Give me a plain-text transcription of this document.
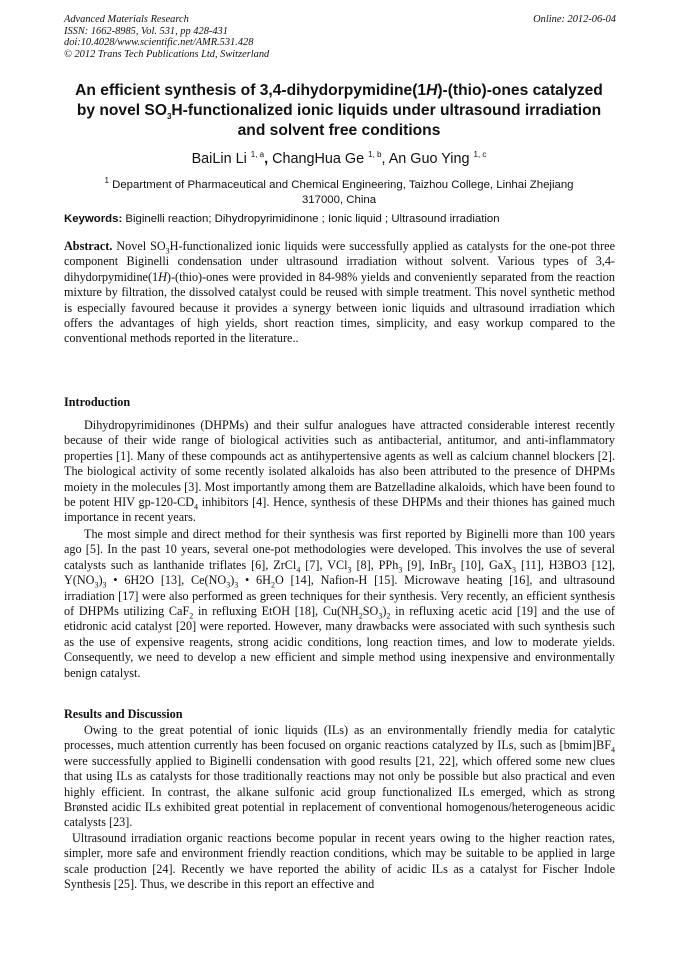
Advanced Materials Research
ISSN: 1662-8985, Vol. 531, pp 428-431
doi:10.4028/www.scientific.net/AMR.531.428
© 2012 Trans Tech Publications Ltd, Switzerland
Online: 2012-06-04
An efficient synthesis of 3,4-dihydorpymidine(1H)-(thio)-ones catalyzed
by novel $SO_3H$-functionalized ionic liquids under ultrasound irradiation
and solvent free conditions
BaiLin Li $^{1, a}$, ChangHua Ge $^{1, b}$, An Guo Ying $^{1, c}$
$^1$ Department of Pharmaceutical and Chemical Engineering, Taizhou College, Linhai Zhejiang
317000, China
Keywords: Biginelli reaction; Dihydropyrimidinone ; Ionic liquid ; Ultrasound irradiation
Abstract. Novel $SO_3H$-functionalized ionic liquids were successfully applied as catalysts for the one-pot three component Biginelli condensation under ultrasound irradiation without solvent. Various types of 3,4-dihydorpymidine(1H)-(thio)-ones were provided in 84-98% yields and conveniently separated from the reaction mixture by filtration, the dissolved catalyst could be reused with simple treatment. This novel synthetic method is especially favoured because it provides a synergy between ionic liquids and ultrasound irradiation which offers the advantages of high yields, short reaction times, simplicity, and easy workup compared to the conventional methods reported in the literature..
Introduction
Dihydropyrimidinones (DHPMs) and their sulfur analogues have attracted considerable interest recently because of their wide range of biological activities such as antibacterial, antitumor, and anti-inflammatory properties [1]. Many of these compounds act as antihypertensive agents as well as calcium channel blockers [2]. The biological activity of some recently isolated alkaloids has also been attributed to the presence of DHPMs moiety in the molecules [3]. Most importantly among them are Batzelladine alkaloids, which have been found to be potent HIV $gp-120-CD_4$ inhibitors [4]. Hence, synthesis of these DHPMs and their thiones has gained much importance in recent years.
The most simple and direct method for their synthesis was first reported by Biginelli more than 100 years ago [5]. In the past 10 years, several one-pot methodologies were developed. This involves the use of several catalysts such as lanthanide triflates [6], ZrCl$_4$ [7], VCl$_3$ [8], PPh$_3$ [9], InBr$_3$ [10], GaX$_3$ [11], H3BO3 [12], $Y(NO_3)_3$ • 6H2O [13], $Ce(NO_3)_3$ • $6H_2O$ [14], Nafion-H [15]. Microwave heating [16], and ultrasound irradiation [17] were also performed as green techniques for their synthesis. Very recently, an efficient synthesis of DHPMs utilizing CaF$_2$ in refluxing EtOH [18], $Cu(NH_2SO_3)_2$ in refluxing acetic acid [19] and the use of etidronic acid catalyst [20] were reported. However, many drawbacks were associated with such synthesis such as the use of expensive reagents, strong acidic conditions, long reaction times, and low to moderate yields. Consequently, we need to develop a new efficient and simple method using inexpensive and environmentally benign catalyst.
Results and Discussion
Owing to the great potential of ionic liquids (ILs) as an environmentally friendly media for catalytic processes, much attention currently has been focused on organic reactions catalyzed by ILs, such as $[bmim]BF_4$ were successfully applied to Biginelli condensation with good results [21, 22], which offered some new clues that using ILs as catalysts for those traditionally reactions may not only be possible but also practical and even highly efficient. In contrast, the alkane sulfonic acid group functionalized ILs emerged, which as strong Brønsted acidic ILs exhibited great potential in replacement of conventional homogenous/heterogeneous acidic catalysts [23].
Ultrasound irradiation organic reactions become popular in recent years owing to the higher reaction rates, simpler, more safe and environment friendly reaction conditions, which may be suitable to be applied in large scale production [24]. Recently we have reported the ability of acidic ILs as a catalyst for Fischer Indole Synthesis [25]. Thus, we describe in this report an effective and
